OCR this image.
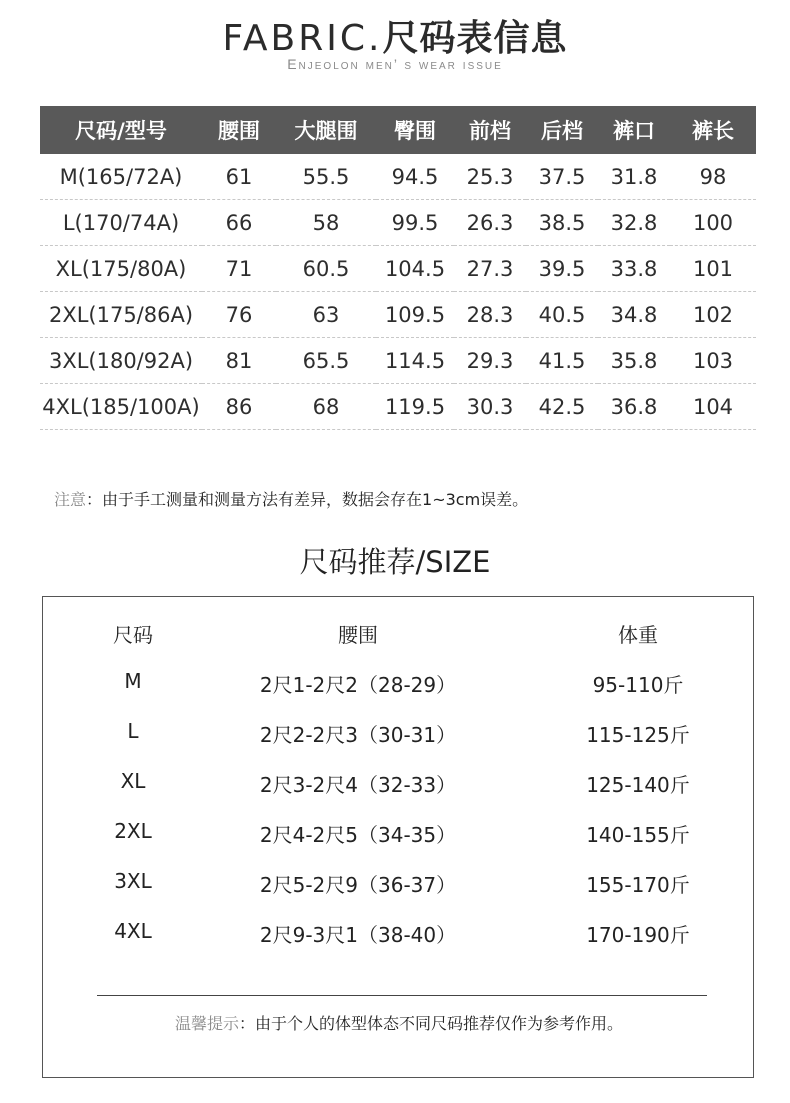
FABRIC.尺码表信息
Enjeolon men’ s wear issue
尺码/型号	腰围	大腿围	臀围	前档	后档	裤口	裤长
M(165/72A)	61	55.5	94.5	25.3	37.5	31.8	98
L(170/74A)	66	58	99.5	26.3	38.5	32.8	100
XL(175/80A)	71	60.5	104.5	27.3	39.5	33.8	101
2XL(175/86A)	76	63	109.5	28.3	40.5	34.8	102
3XL(180/92A)	81	65.5	114.5	29.3	41.5	35.8	103
4XL(185/100A)	86	68	119.5	30.3	42.5	36.8	104
注意：由于手工测量和测量方法有差异，数据会存在1~3cm误差。
尺码推荐/SIZE
尺码	腰围	体重
M	2尺1-2尺2（28-29）	95-110斤
L	2尺2-2尺3（30-31）	115-125斤
XL	2尺3-2尺4（32-33）	125-140斤
2XL	2尺4-2尺5（34-35）	140-155斤
3XL	2尺5-2尺9（36-37）	155-170斤
4XL	2尺9-3尺1（38-40）	170-190斤
温馨提示：由于个人的体型体态不同尺码推荐仅作为参考作用。
